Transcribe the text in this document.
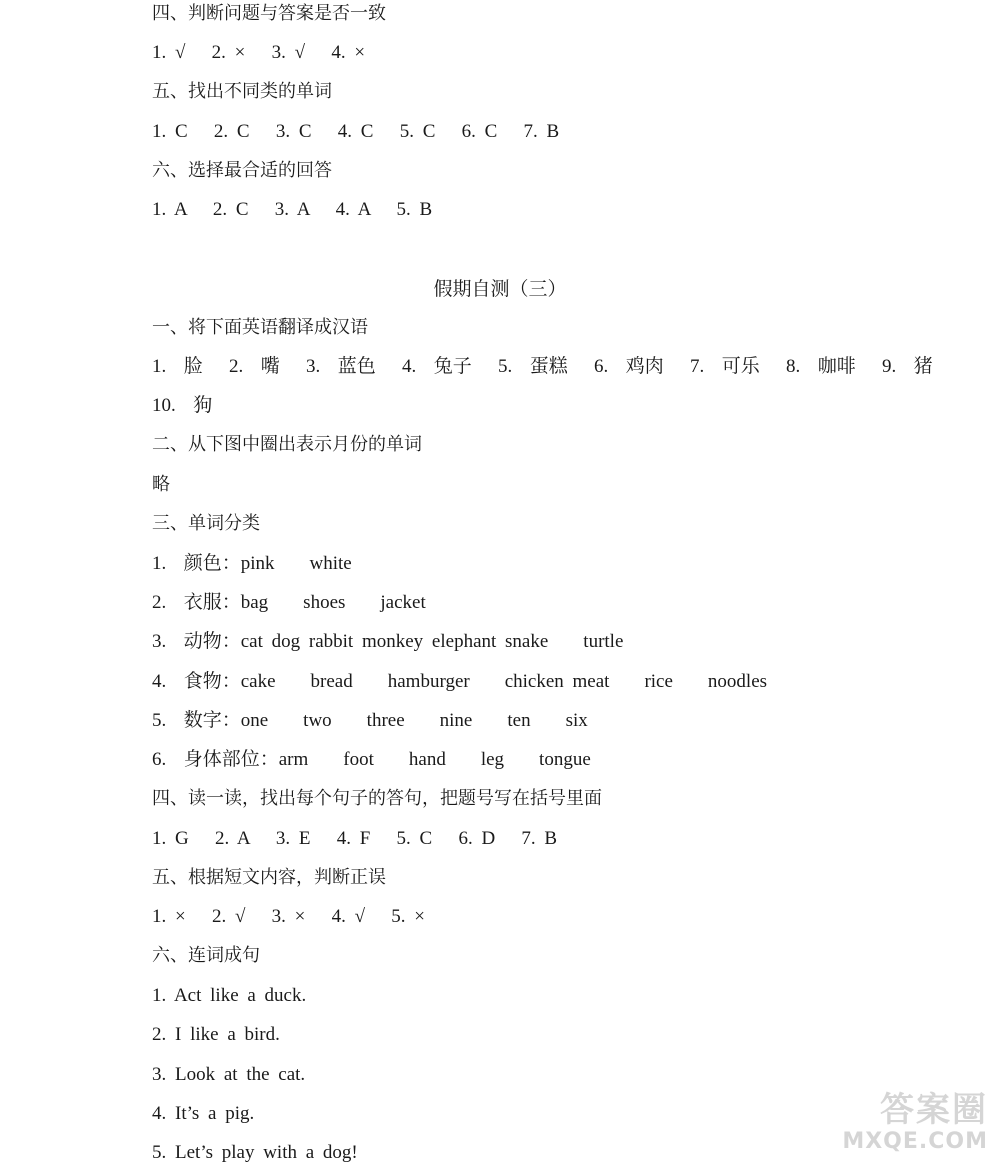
四、判断问题与答案是否一致
1. √   2. ×   3. √   4. ×
五、找出不同类的单词
1. C   2. C   3. C   4. C   5. C   6. C   7. B
六、选择最合适的回答
1. A   2. C   3. A   4. A   5. B
假期自测（三）
一、将下面英语翻译成汉语
1.  脸   2.  嘴   3.  蓝色   4.  兔子   5.  蛋糕   6.  鸡肉   7.  可乐   8.  咖啡   9.  猪
10.  狗
二、从下图中圈出表示月份的单词
略
三、单词分类
1.  颜色：pink    white
2.  衣服：bag    shoes    jacket
3.  动物：cat dog rabbit monkey elephant snake    turtle
4.  食物：cake    bread    hamburger    chicken meat    rice    noodles
5.  数字：one    two    three    nine    ten    six
6.  身体部位：arm    foot    hand    leg    tongue
四、读一读，找出每个句子的答句，把题号写在括号里面
1. G   2. A   3. E   4. F   5. C   6. D   7. B
五、根据短文内容，判断正误
1. ×   2. √   3. ×   4. √   5. ×
六、连词成句
1. Act like a duck.
2. I like a bird.
3. Look at the cat.
4. It’s a pig.
5. Let’s play with a dog!
答案圈
MXQE.COM
